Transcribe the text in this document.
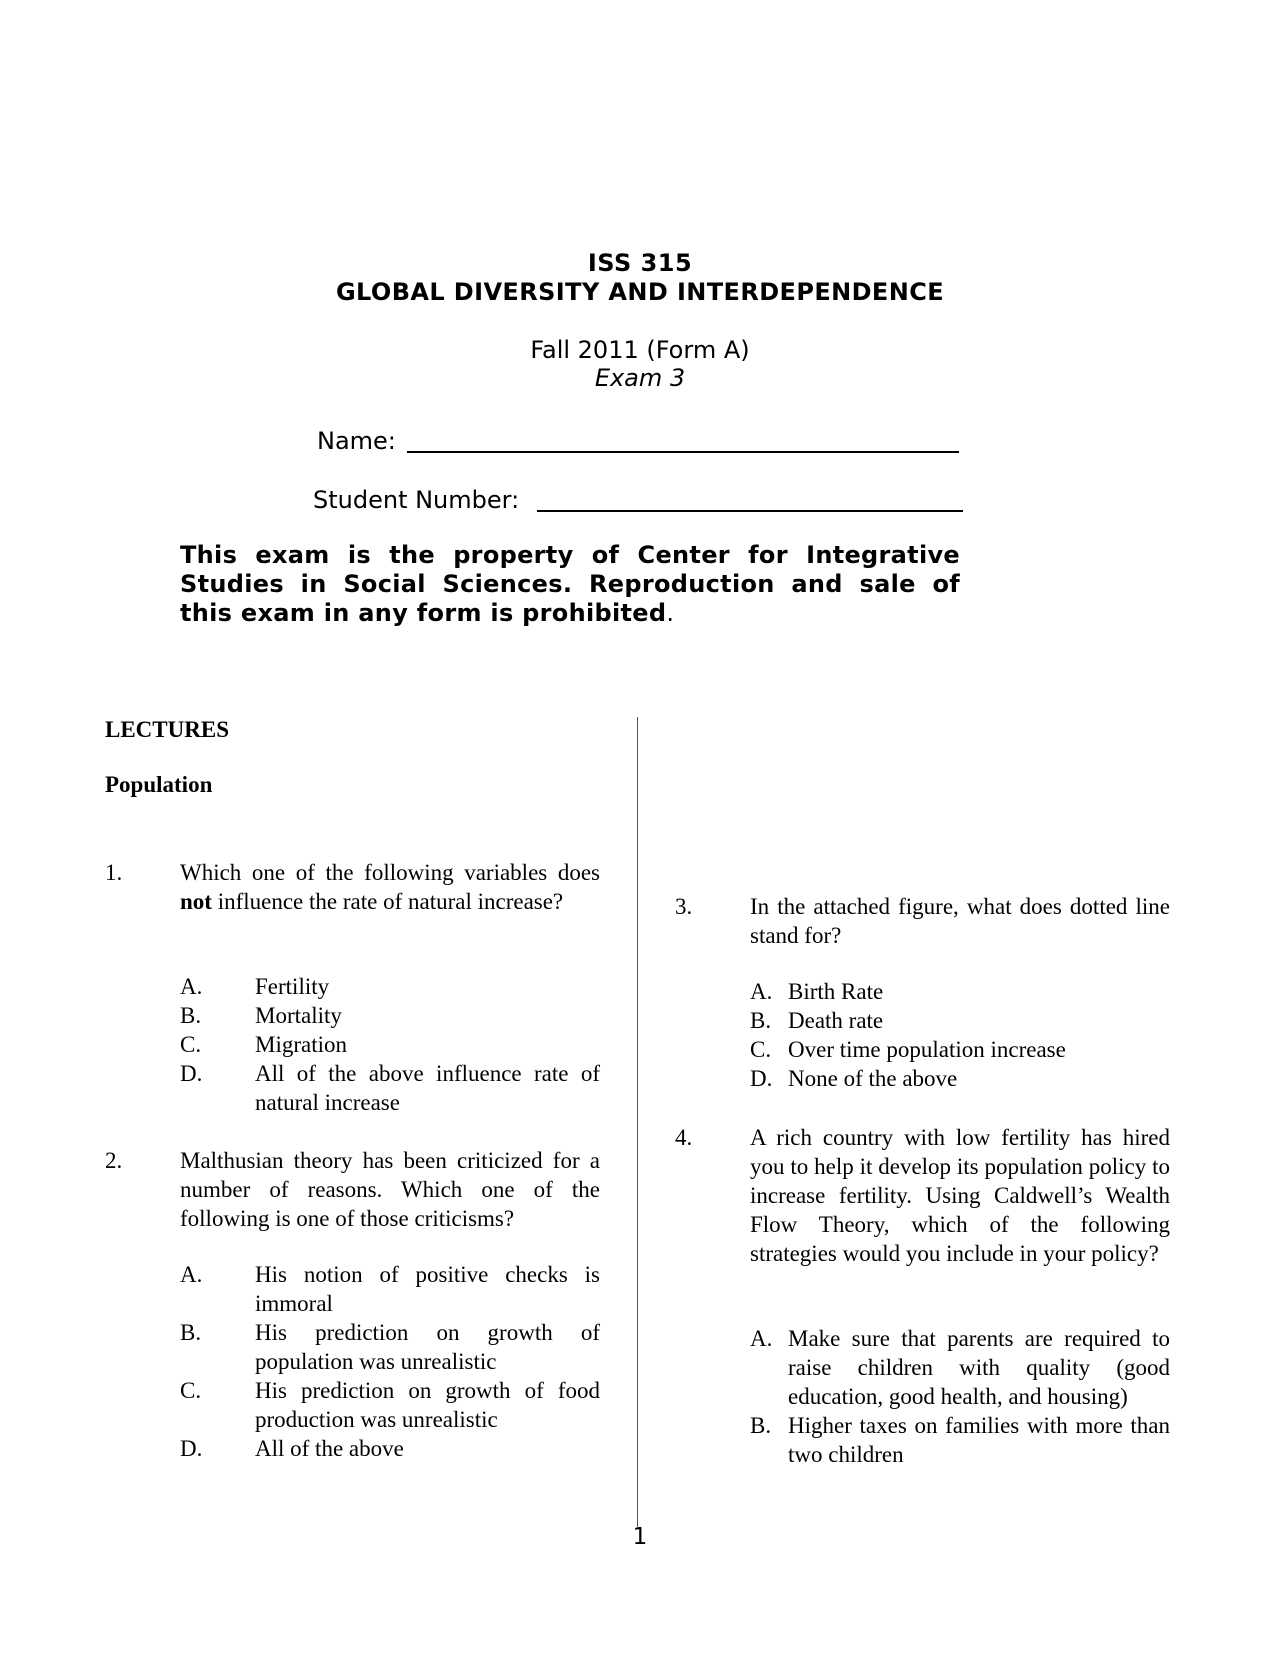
ISS 315
GLOBAL DIVERSITY AND INTERDEPENDENCE
Fall 2011 (Form A)
Exam 3
Name:
Student Number:
This exam is the property of Center for Integrative Studies in Social Sciences. Reproduction and sale of this exam in any form is prohibited.
LECTURES
Population
1.	Which one of the following variables does not influence the rate of natural increase?
A. Fertility
B. Mortality
C. Migration
D. All of the above influence rate of natural increase
2.	Malthusian theory has been criticized for a number of reasons. Which one of the following is one of those criticisms?
A. His notion of positive checks is immoral
B. His prediction on growth of population was unrealistic
C. His prediction on growth of food production was unrealistic
D. All of the above
3.	In the attached figure, what does dotted line stand for?
A. Birth Rate
B. Death rate
C. Over time population increase
D. None of the above
4.	A rich country with low fertility has hired you to help it develop its population policy to increase fertility. Using Caldwell’s Wealth Flow Theory, which of the following strategies would you include in your policy?
A. Make sure that parents are required to raise children with quality (good education, good health, and housing)
B. Higher taxes on families with more than two children
1
